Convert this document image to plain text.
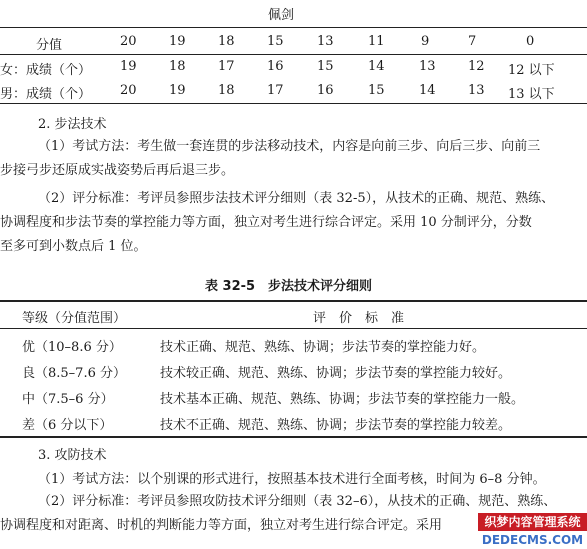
佩剑
分值	20 19 18 15	13	11	9	7	0
女：成绩（个） 19 18 17 16	15	14	13 12 12 以下
男：成绩（个） 20 19 18 17	16	15	14 13 13 以下
2. 步法技术
（1）考试方法：考生做一套连贯的步法移动技术，内容是向前三步、向后三步、向前三
步接弓步还原成实战姿势后再后退三步。
（2）评分标准：考评员参照步法技术评分细则（表 32-5），从技术的正确、规范、熟练、
协调程度和步法节奏的掌控能力等方面，独立对考生进行综合评定。采用 10 分制评分，分数
至多可到小数点后 1 位。
表 32-5　步法技术评分细则
等级（分值范围）	评　价　标　准
优（10–8.6 分）	技术正确、规范、熟练、协调；步法节奏的掌控能力好。
良（8.5–7.6 分）	技术较正确、规范、熟练、协调；步法节奏的掌控能力较好。
中（7.5–6 分）	技术基本正确、规范、熟练、协调；步法节奏的掌控能力一般。
差（6 分以下）	技术不正确、规范、熟练、协调；步法节奏的掌控能力较差。
3. 攻防技术
（1）考试方法：以个别课的形式进行，按照基本技术进行全面考核，时间为 6–8 分钟。
（2）评分标准：考评员参照攻防技术评分细则（表 32–6），从技术的正确、规范、熟练、
协调程度和对距离、时机的判断能力等方面，独立对考生进行综合评定。采用	织梦内容管理系统
DEDECMS.COM
